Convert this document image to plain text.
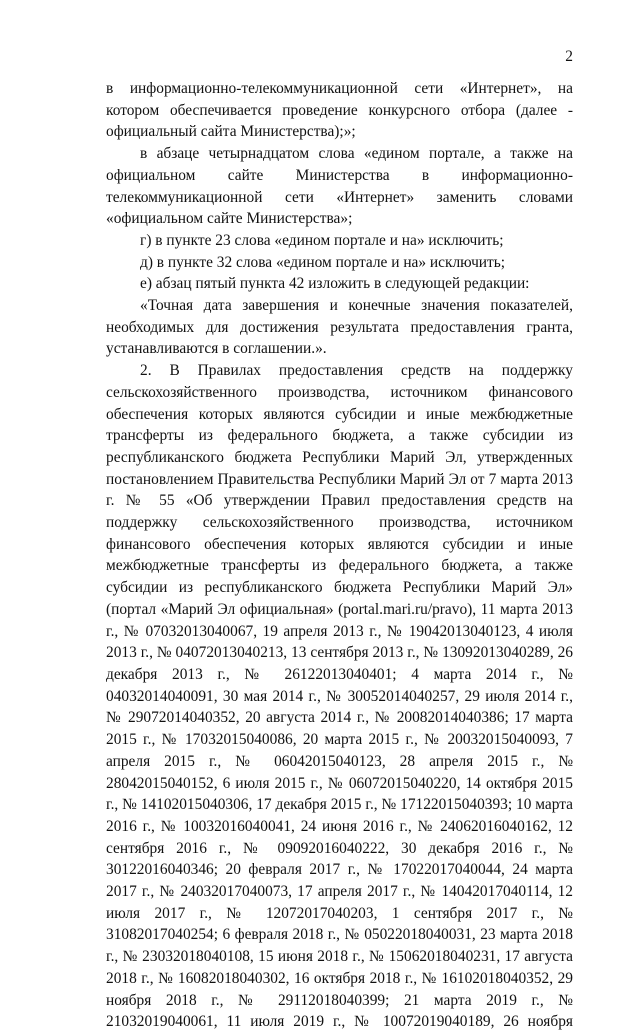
2

в информационно-телекоммуникационной сети «Интернет», на котором обеспечивается проведение конкурсного отбора (далее - официальный сайта Министерства);»;

в абзаце четырнадцатом слова «едином портале, а также на официальном сайте Министерства в информационно-телекоммуникационной сети «Интернет» заменить словами «официальном сайте Министерства»;

г) в пункте 23 слова «едином портале и на» исключить;

д) в пункте 32 слова «едином портале и на» исключить;

е) абзац пятый пункта 42 изложить в следующей редакции:

«Точная дата завершения и конечные значения показателей, необходимых для достижения результата предоставления гранта, устанавливаются в соглашении.».

2. В Правилах предоставления средств на поддержку сельскохозяйственного производства, источником финансового обеспечения которых являются субсидии и иные межбюджетные трансферты из федерального бюджета, а также субсидии из республиканского бюджета Республики Марий Эл, утвержденных постановлением Правительства Республики Марий Эл от 7 марта 2013 г. № 55 «Об утверждении Правил предоставления средств на поддержку сельскохозяйственного производства, источником финансового обеспечения которых являются субсидии и иные межбюджетные трансферты из федерального бюджета, а также субсидии из республиканского бюджета Республики Марий Эл» (портал «Марий Эл официальная» (portal.mari.ru/pravo), 11 марта 2013 г., № 07032013040067, 19 апреля 2013 г., № 19042013040123, 4 июля 2013 г., № 04072013040213, 13 сентября 2013 г., № 13092013040289, 26 декабря 2013 г., № 26122013040401; 4 марта 2014 г., № 04032014040091, 30 мая 2014 г., № 30052014040257, 29 июля 2014 г., № 29072014040352, 20 августа 2014 г., № 20082014040386; 17 марта 2015 г., № 17032015040086, 20 марта 2015 г., № 20032015040093, 7 апреля 2015 г., № 06042015040123, 28 апреля 2015 г., № 28042015040152, 6 июля 2015 г., № 06072015040220, 14 октября 2015 г., № 14102015040306, 17 декабря 2015 г., № 17122015040393; 10 марта 2016 г., № 10032016040041, 24 июня 2016 г., № 24062016040162, 12 сентября 2016 г., № 09092016040222, 30 декабря 2016 г., № 30122016040346; 20 февраля 2017 г., № 17022017040044, 24 марта 2017 г., № 24032017040073, 17 апреля 2017 г., № 14042017040114, 12 июля 2017 г., № 12072017040203, 1 сентября 2017 г., № 31082017040254; 6 февраля 2018 г., № 05022018040031, 23 марта 2018 г., № 23032018040108, 15 июня 2018 г., № 15062018040231, 17 августа 2018 г., № 16082018040302, 16 октября 2018 г., № 16102018040352, 29 ноября 2018 г., № 29112018040399; 21 марта 2019 г., № 21032019040061, 11 июля 2019 г., № 10072019040189, 26 ноября
